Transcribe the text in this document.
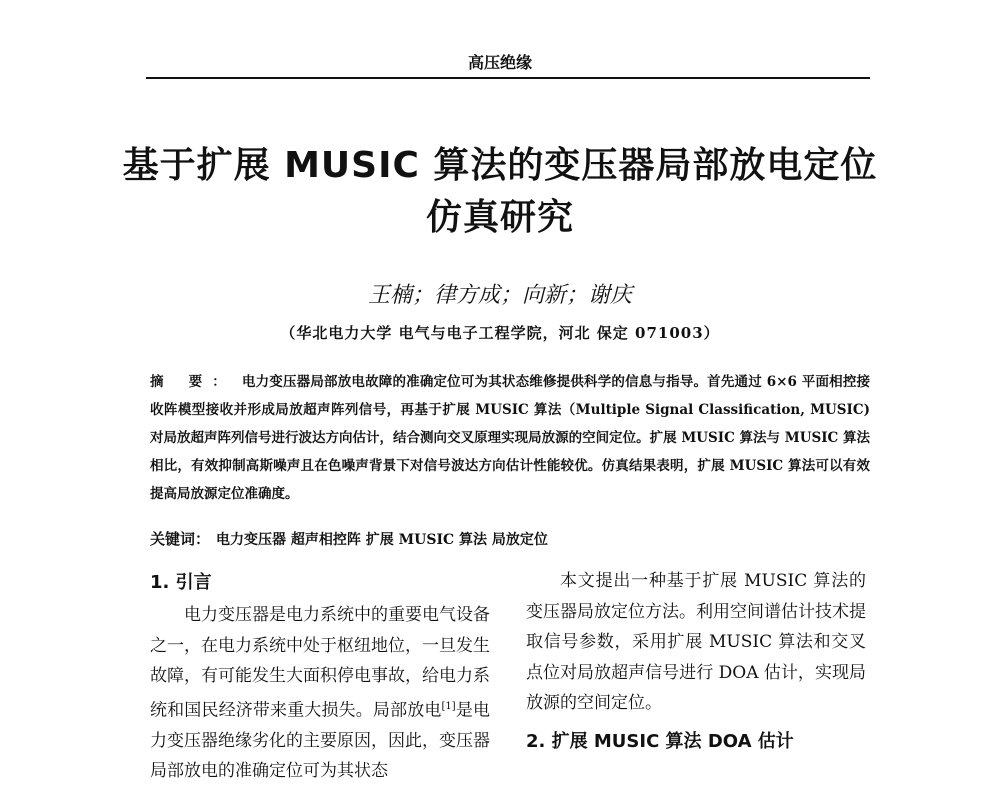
高压绝缘
基于扩展 MUSIC 算法的变压器局部放电定位
仿真研究
王楠；律方成；向新；谢庆
（华北电力大学 电气与电子工程学院，河北 保定 071003）
摘 要： 电力变压器局部放电故障的准确定位可为其状态维修提供科学的信息与指导。首先通过 6×6 平面相控接收阵模型接收并形成局放超声阵列信号，再基于扩展 MUSIC 算法（Multiple Signal Classification, MUSIC)对局放超声阵列信号进行波达方向估计，结合测向交叉原理实现局放源的空间定位。扩展 MUSIC 算法与 MUSIC 算法相比，有效抑制高斯噪声且在色噪声背景下对信号波达方向估计性能较优。仿真结果表明，扩展 MUSIC 算法可以有效提高局放源定位准确度。
关键词： 电力变压器 超声相控阵 扩展 MUSIC 算法 局放定位
1. 引言

电力变压器是电力系统中的重要电气设备之一，在电力系统中处于枢纽地位，一旦发生故障，有可能发生大面积停电事故，给电力系统和国民经济带来重大损失。局部放电[1]是电力变压器绝缘劣化的主要原因，因此，变压器局部放电的准确定位可为其状态

本文提出一种基于扩展 MUSIC 算法的变压器局放定位方法。利用空间谱估计技术提取信号参数，采用扩展 MUSIC 算法和交叉点位对局放超声信号进行 DOA 估计，实现局放源的空间定位。

2. 扩展 MUSIC 算法 DOA 估计
